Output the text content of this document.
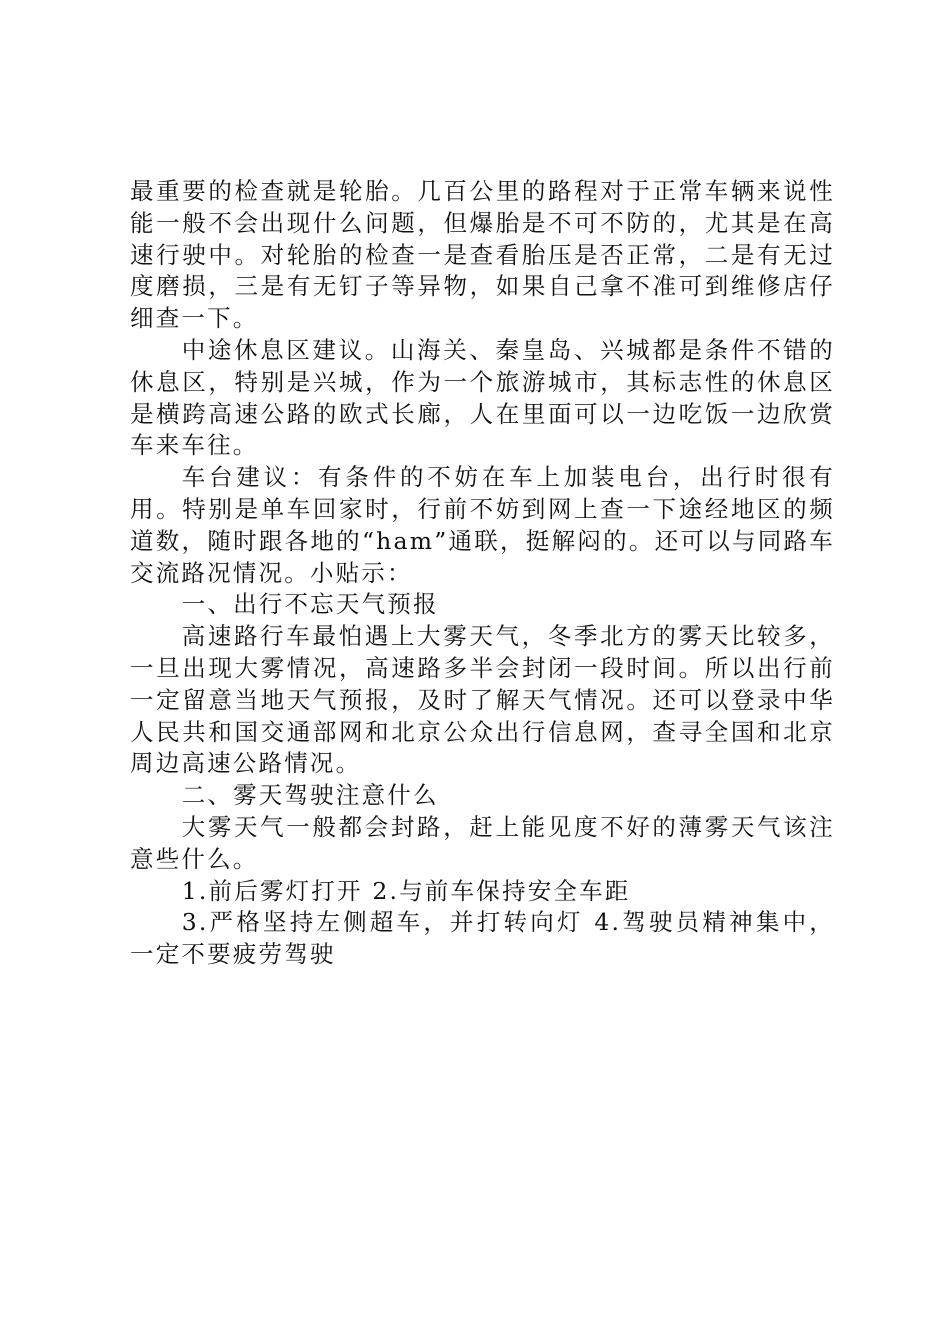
最重要的检查就是轮胎。几百公里的路程对于正常车辆来说性能一般不会出现什么问题，但爆胎是不可不防的，尤其是在高速行驶中。对轮胎的检查一是查看胎压是否正常，二是有无过度磨损，三是有无钉子等异物，如果自己拿不准可到维修店仔细查一下。

中途休息区建议。山海关、秦皇岛、兴城都是条件不错的休息区，特别是兴城，作为一个旅游城市，其标志性的休息区是横跨高速公路的欧式长廊，人在里面可以一边吃饭一边欣赏车来车往。

车台建议：有条件的不妨在车上加装电台，出行时很有用。特别是单车回家时，行前不妨到网上查一下途经地区的频道数，随时跟各地的“ham”通联，挺解闷的。还可以与同路车交流路况情况。小贴示：

一、出行不忘天气预报

高速路行车最怕遇上大雾天气，冬季北方的雾天比较多，一旦出现大雾情况，高速路多半会封闭一段时间。所以出行前一定留意当地天气预报，及时了解天气情况。还可以登录中华人民共和国交通部网和北京公众出行信息网，查寻全国和北京周边高速公路情况。

二、雾天驾驶注意什么

大雾天气一般都会封路，赶上能见度不好的薄雾天气该注意些什么。

1.前后雾灯打开 2.与前车保持安全车距

3.严格坚持左侧超车，并打转向灯 4.驾驶员精神集中，一定不要疲劳驾驶
